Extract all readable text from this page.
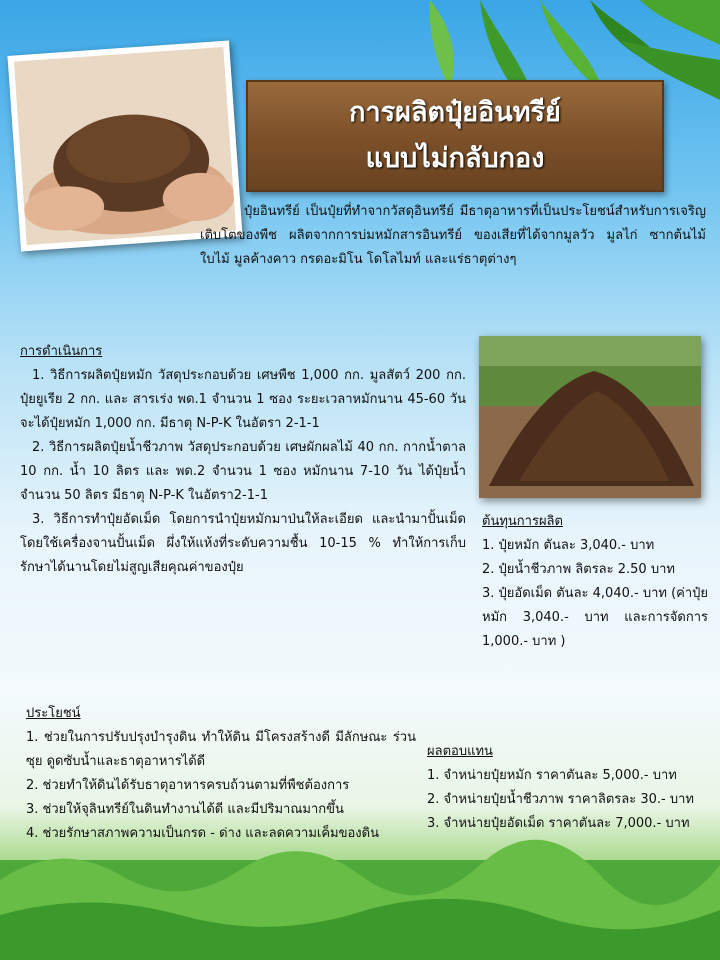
การผลิตปุ๋ยอินทรีย์
แบบไม่กลับกอง

ปุ๋ยอินทรีย์ เป็นปุ๋ยที่ทำจากวัสดุอินทรีย์ มีธาตุอาหารที่เป็นประโยชน์สำหรับการเจริญเติบโตของพืช ผลิตจากการบ่มหมักสารอินทรีย์ ของเสียที่ได้จากมูลวัว มูลไก่ ซากต้นไม้ ใบไม้ มูลค้างคาว กรดอะมิโน โดโลไมท์ และแร่ธาตุต่างๆ

การดำเนินการ

1. วิธีการผลิตปุ๋ยหมัก วัสดุประกอบด้วย เศษพืช 1,000 กก. มูลสัตว์ 200 กก. ปุ๋ยยูเรีย 2 กก. และ สารเร่ง พด.1 จำนวน 1 ซอง ระยะเวลาหมักนาน 45-60 วัน จะได้ปุ๋ยหมัก 1,000 กก. มีธาตุ N-P-K ในอัตรา 2-1-1

2. วิธีการผลิตปุ๋ยน้ำชีวภาพ วัสดุประกอบด้วย เศษผักผลไม้ 40 กก. กากน้ำตาล 10 กก. น้ำ 10 ลิตร และ พด.2 จำนวน 1 ซอง หมักนาน 7-10 วัน ได้ปุ๋ยน้ำ จำนวน 50 ลิตร มีธาตุ N-P-K ในอัตรา2-1-1

3. วิธีการทำปุ๋ยอัดเม็ด โดยการนำปุ๋ยหมักมาป่นให้ละเอียด และนำมาปั้นเม็ด โดยใช้เครื่องจานปั้นเม็ด ผึ่งให้แห้งที่ระดับความชื้น 10-15 % ทำให้การเก็บรักษาได้นานโดยไม่สูญเสียคุณค่าของปุ๋ย

ต้นทุนการผลิต

1. ปุ๋ยหมัก ตันละ 3,040.- บาท

2. ปุ๋ยน้ำชีวภาพ ลิตรละ 2.50 บาท

3. ปุ๋ยอัดเม็ด ตันละ 4,040.- บาท (ค่าปุ๋ยหมัก 3,040.- บาท และการจัดการ 1,000.- บาท )

ประโยชน์

1. ช่วยในการปรับปรุงบำรุงดิน ทำให้ดิน มีโครงสร้างดี มีลักษณะ ร่วนซุย ดูดซับน้ำและธาตุอาหารได้ดี

2. ช่วยทำให้ดินได้รับธาตุอาหารครบถ้วนตามที่พืชต้องการ

3. ช่วยให้จุลินทรีย์ในดินทำงานได้ดี และมีปริมาณมากขึ้น

4. ช่วยรักษาสภาพความเป็นกรด - ด่าง และลดความเค็มของดิน

ผลตอบแทน

1. จำหน่ายปุ๋ยหมัก ราคาตันละ 5,000.- บาท

2. จำหน่ายปุ๋ยน้ำชีวภาพ ราคาลิตรละ 30.- บาท

3. จำหน่ายปุ๋ยอัดเม็ด ราคาตันละ 7,000.- บาท
